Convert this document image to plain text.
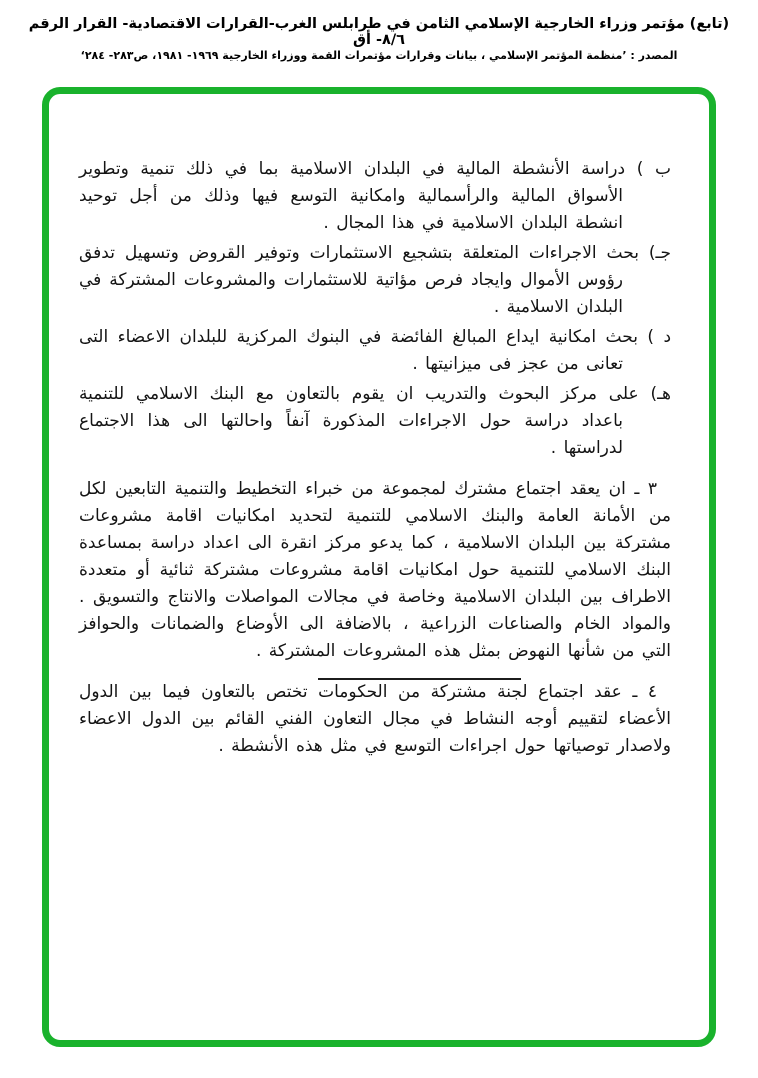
(تابع) مؤتمر وزراء الخارجية الإسلامي الثامن في طرابلس الغرب-القرارات الاقتصادية- القرار الرقم ٨/٦- أق
المصدر : ’منظمة المؤتمر الإسلامي ، بيانات وقرارات مؤتمرات القمة ووزراء الخارجية ١٩٦٩- ١٩٨١، ص٢٨٣- ٢٨٤‘
ب ) دراسة الأنشطة المالية في البلدان الاسلامية بما في ذلك تنمية وتطوير الأسواق المالية والرأسمالية وامكانية التوسع فيها وذلك من أجل توحيد انشطة البلدان الاسلامية في هذا المجال .
جـ) بحث الاجراءات المتعلقة بتشجيع الاستثمارات وتوفير القروض وتسهيل تدفق رؤوس الأموال وايجاد فرص مؤاتية للاستثمارات والمشروعات المشتركة في البلدان الاسلامية .
د ) بحث امكانية ايداع المبالغ الفائضة في البنوك المركزية للبلدان الاعضاء التى تعانى من عجز فى ميزانيتها .
هـ) على مركز البحوث والتدريب ان يقوم بالتعاون مع البنك الاسلامي للتنمية باعداد دراسة حول الاجراءات المذكورة آنفاً واحالتها الى هذا الاجتماع لدراستها .

٣ ـ ان يعقد اجتماع مشترك لمجموعة من خبراء التخطيط والتنمية التابعين لكل من الأمانة العامة والبنك الاسلامي للتنمية لتحديد امكانيات اقامة مشروعات مشتركة بين البلدان الاسلامية ، كما يدعو مركز انقرة الى اعداد دراسة بمساعدة البنك الاسلامي للتنمية حول امكانيات اقامة مشروعات مشتركة ثنائية أو متعددة الاطراف بين البلدان الاسلامية وخاصة في مجالات المواصلات والانتاج والتسويق . والمواد الخام والصناعات الزراعية ، بالاضافة الى الأوضاع والضمانات والحوافز التي من شأنها النهوض بمثل هذه المشروعات المشتركة .

٤ ـ عقد اجتماع لجنة مشتركة من الحكومات تختص بالتعاون فيما بين الدول الأعضاء لتقييم أوجه النشاط في مجال التعاون الفني القائم بين الدول الاعضاء ولاصدار توصياتها حول اجراءات التوسع في مثل هذه الأنشطة .
